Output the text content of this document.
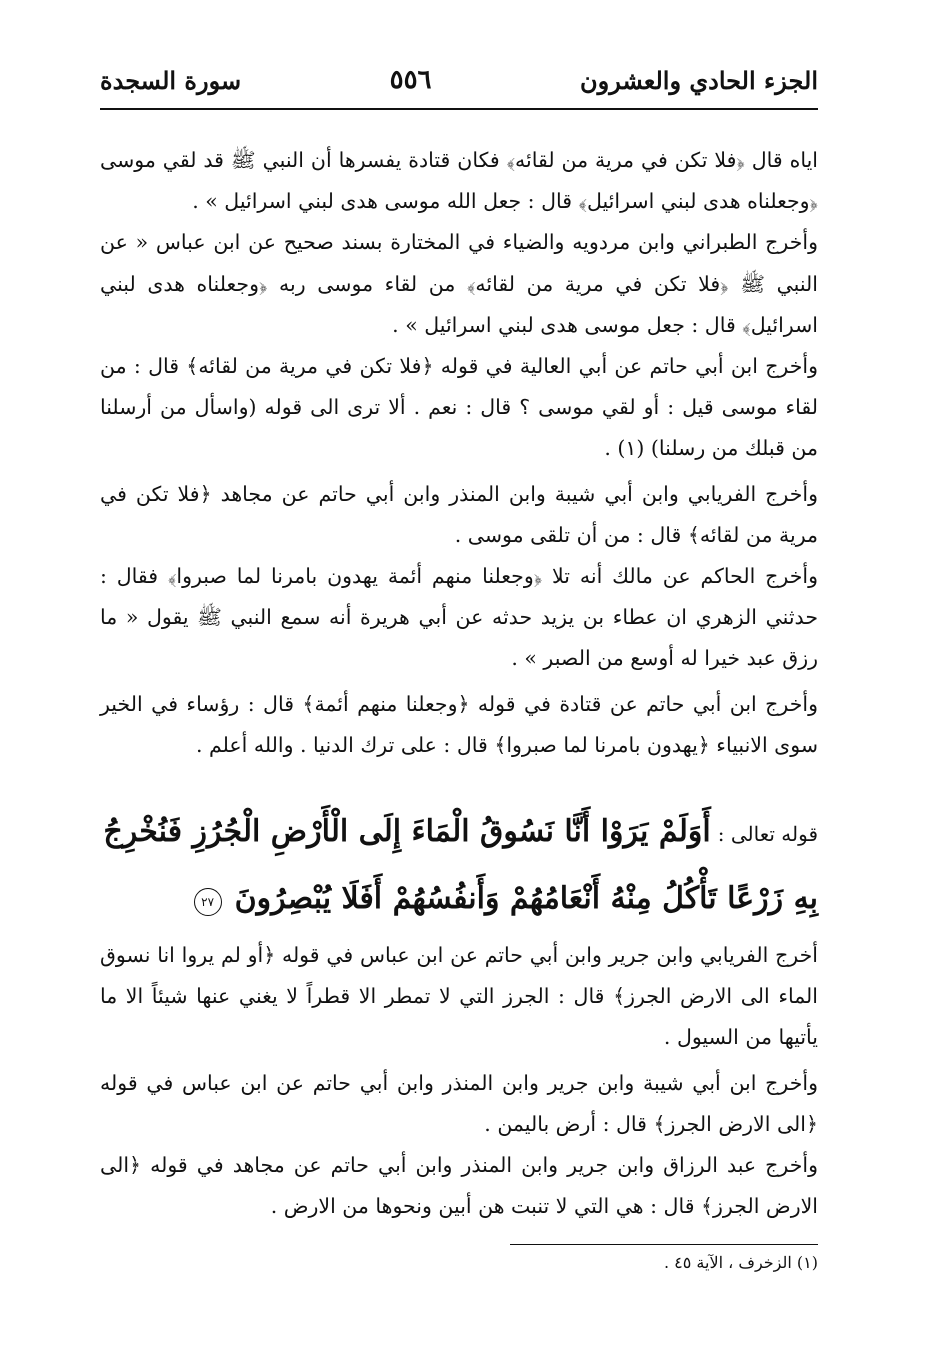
الجزء الحادي والعشرون
٥٥٦
سورة السجدة

اياه قال ﴿فلا تكن في مرية من لقائه﴾ فكان قتادة يفسرها أن النبي ﷺ قد لقي موسى ﴿وجعلناه هدى لبني اسرائيل﴾ قال : جعل الله موسى هدى لبني اسرائيل » .

وأخرج الطبراني وابن مردويه والضياء في المختارة بسند صحيح عن ابن عباس « عن النبي ﷺ ﴿فلا تكن في مرية من لقائه﴾ من لقاء موسى ربه ﴿وجعلناه هدى لبني اسرائيل﴾ قال : جعل موسى هدى لبني اسرائيل » .

وأخرج ابن أبي حاتم عن أبي العالية في قوله ﴿فلا تكن في مرية من لقائه﴾ قال : من لقاء موسى قيل : أو لقي موسى ؟ قال : نعم . ألا ترى الى قوله (واسأل من أرسلنا من قبلك من رسلنا) (١) .

وأخرج الفريابي وابن أبي شيبة وابن المنذر وابن أبي حاتم عن مجاهد ﴿فلا تكن في مرية من لقائه﴾ قال : من أن تلقى موسى .

وأخرج الحاكم عن مالك أنه تلا ﴿وجعلنا منهم أئمة يهدون بامرنا لما صبروا﴾ فقال : حدثني الزهري ان عطاء بن يزيد حدثه عن أبي هريرة أنه سمع النبي ﷺ يقول « ما رزق عبد خيرا له أوسع من الصبر » .

وأخرج ابن أبي حاتم عن قتادة في قوله ﴿وجعلنا منهم أئمة﴾ قال : رؤساء في الخير سوى الانبياء ﴿يهدون بامرنا لما صبروا﴾ قال : على ترك الدنيا . والله أعلم .

قوله تعالى : أَوَلَمْ يَرَوْا أَنَّا نَسُوقُ الْمَاءَ إِلَى الْأَرْضِ الْجُرُزِ فَنُخْرِجُ بِهِ زَرْعًا تَأْكُلُ مِنْهُ أَنْعَامُهُمْ وَأَنفُسُهُمْ أَفَلَا يُبْصِرُونَ ٢٧

أخرج الفريابي وابن جرير وابن أبي حاتم عن ابن عباس في قوله ﴿أو لم يروا انا نسوق الماء الى الارض الجرز﴾ قال : الجرز التي لا تمطر الا قطراً لا يغني عنها شيئاً الا ما يأتيها من السيول .

وأخرج ابن أبي شيبة وابن جرير وابن المنذر وابن أبي حاتم عن ابن عباس في قوله ﴿الى الارض الجرز﴾ قال : أرض باليمن .

وأخرج عبد الرزاق وابن جرير وابن المنذر وابن أبي حاتم عن مجاهد في قوله ﴿الى الارض الجرز﴾ قال : هي التي لا تنبت هن أبين ونحوها من الارض .

(١) الزخرف ، الآية ٤٥ .
